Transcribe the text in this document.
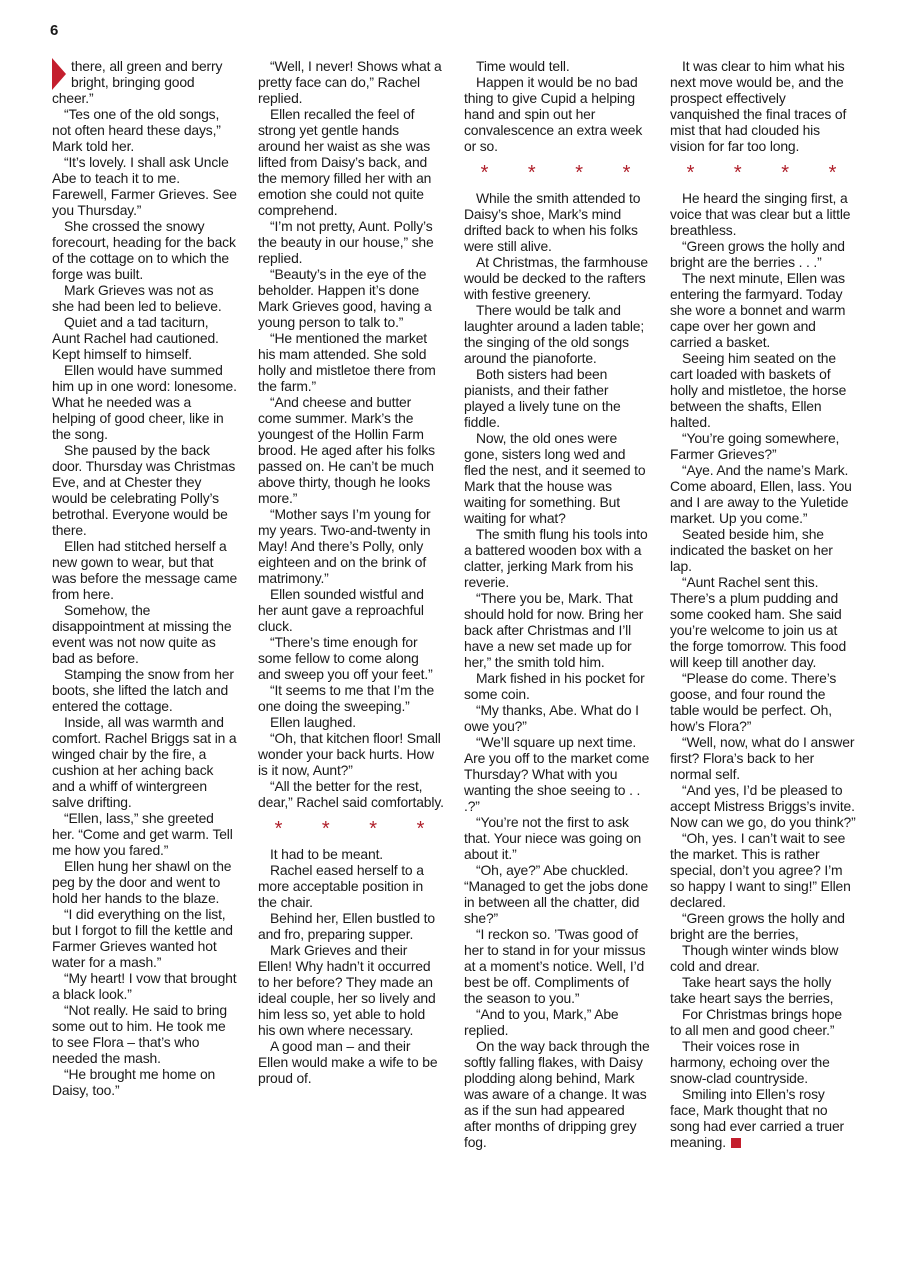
6

there, all green and berry bright, bringing good cheer.”

“Tes one of the old songs, not often heard these days,” Mark told her.

“It’s lovely. I shall ask Uncle Abe to teach it to me. Farewell, Farmer Grieves. See you Thursday.”

She crossed the snowy forecourt, heading for the back of the cottage on to which the forge was built.

Mark Grieves was not as she had been led to believe.

Quiet and a tad taciturn, Aunt Rachel had cautioned. Kept himself to himself.

Ellen would have summed him up in one word: lonesome. What he needed was a helping of good cheer, like in the song.

She paused by the back door. Thursday was Christmas Eve, and at Chester they would be celebrating Polly’s betrothal. Everyone would be there.

Ellen had stitched herself a new gown to wear, but that was before the message came from here.

Somehow, the disappointment at missing the event was not now quite as bad as before.

Stamping the snow from her boots, she lifted the latch and entered the cottage.

Inside, all was warmth and comfort. Rachel Briggs sat in a winged chair by the fire, a cushion at her aching back and a whiff of wintergreen salve drifting.

“Ellen, lass,” she greeted her. “Come and get warm. Tell me how you fared.”

Ellen hung her shawl on the peg by the door and went to hold her hands to the blaze.

“I did everything on the list, but I forgot to fill the kettle and Farmer Grieves wanted hot water for a mash.”

“My heart! I vow that brought a black look.”

“Not really. He said to bring some out to him. He took me to see Flora – that’s who needed the mash.

“He brought me home on Daisy, too.”

“Well, I never! Shows what a pretty face can do,” Rachel replied.

Ellen recalled the feel of strong yet gentle hands around her waist as she was lifted from Daisy’s back, and the memory filled her with an emotion she could not quite comprehend.

“I’m not pretty, Aunt. Polly’s the beauty in our house,” she replied.

“Beauty’s in the eye of the beholder. Happen it’s done Mark Grieves good, having a young person to talk to.”

“He mentioned the market his mam attended. She sold holly and mistletoe there from the farm.”

“And cheese and butter come summer. Mark’s the youngest of the Hollin Farm brood. He aged after his folks passed on. He can’t be much above thirty, though he looks more.”

“Mother says I’m young for my years. Two-and-twenty in May! And there’s Polly, only eighteen and on the brink of matrimony.”

Ellen sounded wistful and her aunt gave a reproachful cluck.

“There’s time enough for some fellow to come along and sweep you off your feet.”

“It seems to me that I’m the one doing the sweeping.”

Ellen laughed.

“Oh, that kitchen floor! Small wonder your back hurts. How is it now, Aunt?”

“All the better for the rest, dear,” Rachel said comfortably.

* * * *

It had to be meant.

Rachel eased herself to a more acceptable position in the chair.

Behind her, Ellen bustled to and fro, preparing supper.

Mark Grieves and their Ellen! Why hadn’t it occurred to her before? They made an ideal couple, her so lively and him less so, yet able to hold his own where necessary.

A good man – and their Ellen would make a wife to be proud of.

Time would tell.

Happen it would be no bad thing to give Cupid a helping hand and spin out her convalescence an extra week or so.

* * * *

While the smith attended to Daisy’s shoe, Mark’s mind drifted back to when his folks were still alive.

At Christmas, the farmhouse would be decked to the rafters with festive greenery.

There would be talk and laughter around a laden table; the singing of the old songs around the pianoforte.

Both sisters had been pianists, and their father played a lively tune on the fiddle.

Now, the old ones were gone, sisters long wed and fled the nest, and it seemed to Mark that the house was waiting for something. But waiting for what?

The smith flung his tools into a battered wooden box with a clatter, jerking Mark from his reverie.

“There you be, Mark. That should hold for now. Bring her back after Christmas and I’ll have a new set made up for her,” the smith told him.

Mark fished in his pocket for some coin.

“My thanks, Abe. What do I owe you?”

“We’ll square up next time. Are you off to the market come Thursday? What with you wanting the shoe seeing to . . .?”

“You’re not the first to ask that. Your niece was going on about it.”

“Oh, aye?” Abe chuckled. “Managed to get the jobs done in between all the chatter, did she?”

“I reckon so. ’Twas good of her to stand in for your missus at a moment’s notice. Well, I’d best be off. Compliments of the season to you.”

“And to you, Mark,” Abe replied.

On the way back through the softly falling flakes, with Daisy plodding along behind, Mark was aware of a change. It was as if the sun had appeared after months of dripping grey fog.

It was clear to him what his next move would be, and the prospect effectively vanquished the final traces of mist that had clouded his vision for far too long.

* * * *

He heard the singing first, a voice that was clear but a little breathless.

“Green grows the holly and bright are the berries . . .”

The next minute, Ellen was entering the farmyard. Today she wore a bonnet and warm cape over her gown and carried a basket.

Seeing him seated on the cart loaded with baskets of holly and mistletoe, the horse between the shafts, Ellen halted.

“You’re going somewhere, Farmer Grieves?”

“Aye. And the name’s Mark. Come aboard, Ellen, lass. You and I are away to the Yuletide market. Up you come.”

Seated beside him, she indicated the basket on her lap.

“Aunt Rachel sent this. There’s a plum pudding and some cooked ham. She said you’re welcome to join us at the forge tomorrow. This food will keep till another day.

“Please do come. There’s goose, and four round the table would be perfect. Oh, how’s Flora?”

“Well, now, what do I answer first? Flora’s back to her normal self.

“And yes, I’d be pleased to accept Mistress Briggs’s invite. Now can we go, do you think?”

“Oh, yes. I can’t wait to see the market. This is rather special, don’t you agree? I’m so happy I want to sing!” Ellen declared.

“Green grows the holly and bright are the berries,

Though winter winds blow cold and drear.

Take heart says the holly take heart says the berries,

For Christmas brings hope to all men and good cheer.”

Their voices rose in harmony, echoing over the snow-clad countryside.

Smiling into Ellen’s rosy face, Mark thought that no song had ever carried a truer meaning.
